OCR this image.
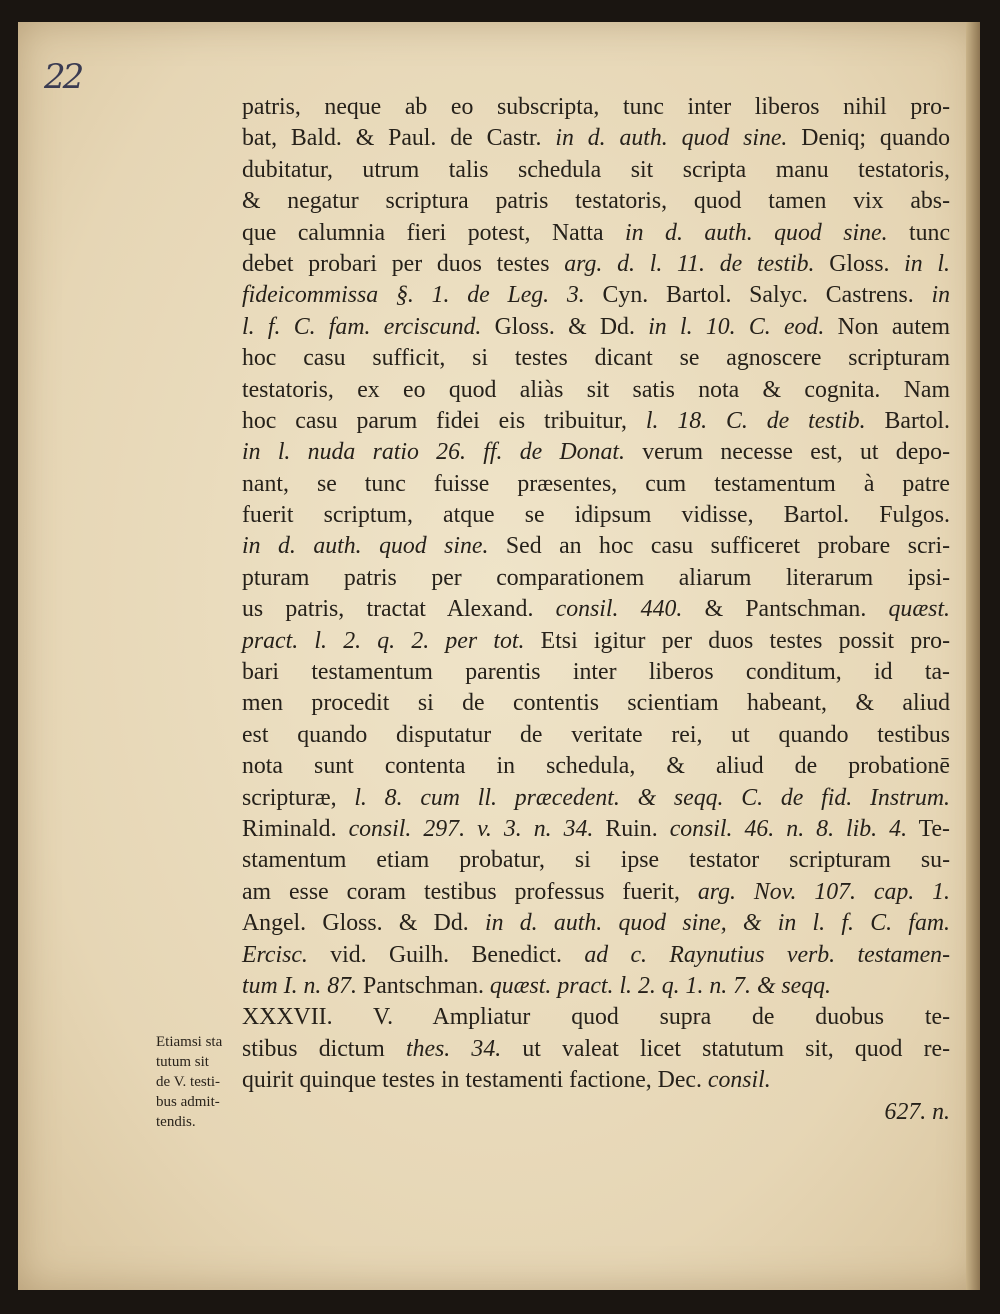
22
patris, neque ab eo subscripta, tunc inter liberos nihil pro-
bat, Bald. & Paul. de Castr. in d. auth. quod sine. Deniq; quando
dubitatur, utrum talis schedula sit scripta manu testatoris,
& negatur scriptura patris testatoris, quod tamen vix abs-
que calumnia fieri potest, Natta in d. auth. quod sine. tunc
debet probari per duos testes arg. d. l. 11. de testib. Gloss. in l.
fideicommissa §. 1. de Leg. 3. Cyn. Bartol. Salyc. Castrens. in
l. f. C. fam. erciscund. Gloss. & Dd. in l. 10. C. eod. Non autem
hoc casu sufficit, si testes dicant se agnoscere scripturam
testatoris, ex eo quod aliàs sit satis nota & cognita. Nam
hoc casu parum fidei eis tribuitur, l. 18. C. de testib. Bartol.
in l. nuda ratio 26. ff. de Donat. verum necesse est, ut depo-
nant, se tunc fuisse præsentes, cum testamentum à patre
fuerit scriptum, atque se idipsum vidisse, Bartol. Fulgos.
in d. auth. quod sine. Sed an hoc casu sufficeret probare scri-
pturam patris per comparationem aliarum literarum ipsi-
us patris, tractat Alexand. consil. 440. & Pantschman. quæst.
pract. l. 2. q. 2. per tot. Etsi igitur per duos testes possit pro-
bari testamentum parentis inter liberos conditum, id ta-
men procedit si de contentis scientiam habeant, & aliud
est quando disputatur de veritate rei, ut quando testibus
nota sunt contenta in schedula, & aliud de probationē
scripturæ, l. 8. cum ll. præcedent. & seqq. C. de fid. Instrum.
Riminald. consil. 297. v. 3. n. 34. Ruin. consil. 46. n. 8. lib. 4. Te-
stamentum etiam probatur, si ipse testator scripturam su-
am esse coram testibus professus fuerit, arg. Nov. 107. cap. 1.
Angel. Gloss. & Dd. in d. auth. quod sine, & in l. f. C. fam.
Ercisc. vid. Guilh. Benedict. ad c. Raynutius verb. testamen-
tum I. n. 87. Pantschman. quæst. pract. l. 2. q. 1. n. 7. & seqq.
XXXVII. V. Ampliatur quod supra de duobus te-
stibus dictum thes. 34. ut valeat licet statutum sit, quod re-
quirit quinque testes in testamenti factione, Dec. consil.
627. n.
Etiamsi sta
tutum sit
de V. testi-
bus admit-
tendis.
